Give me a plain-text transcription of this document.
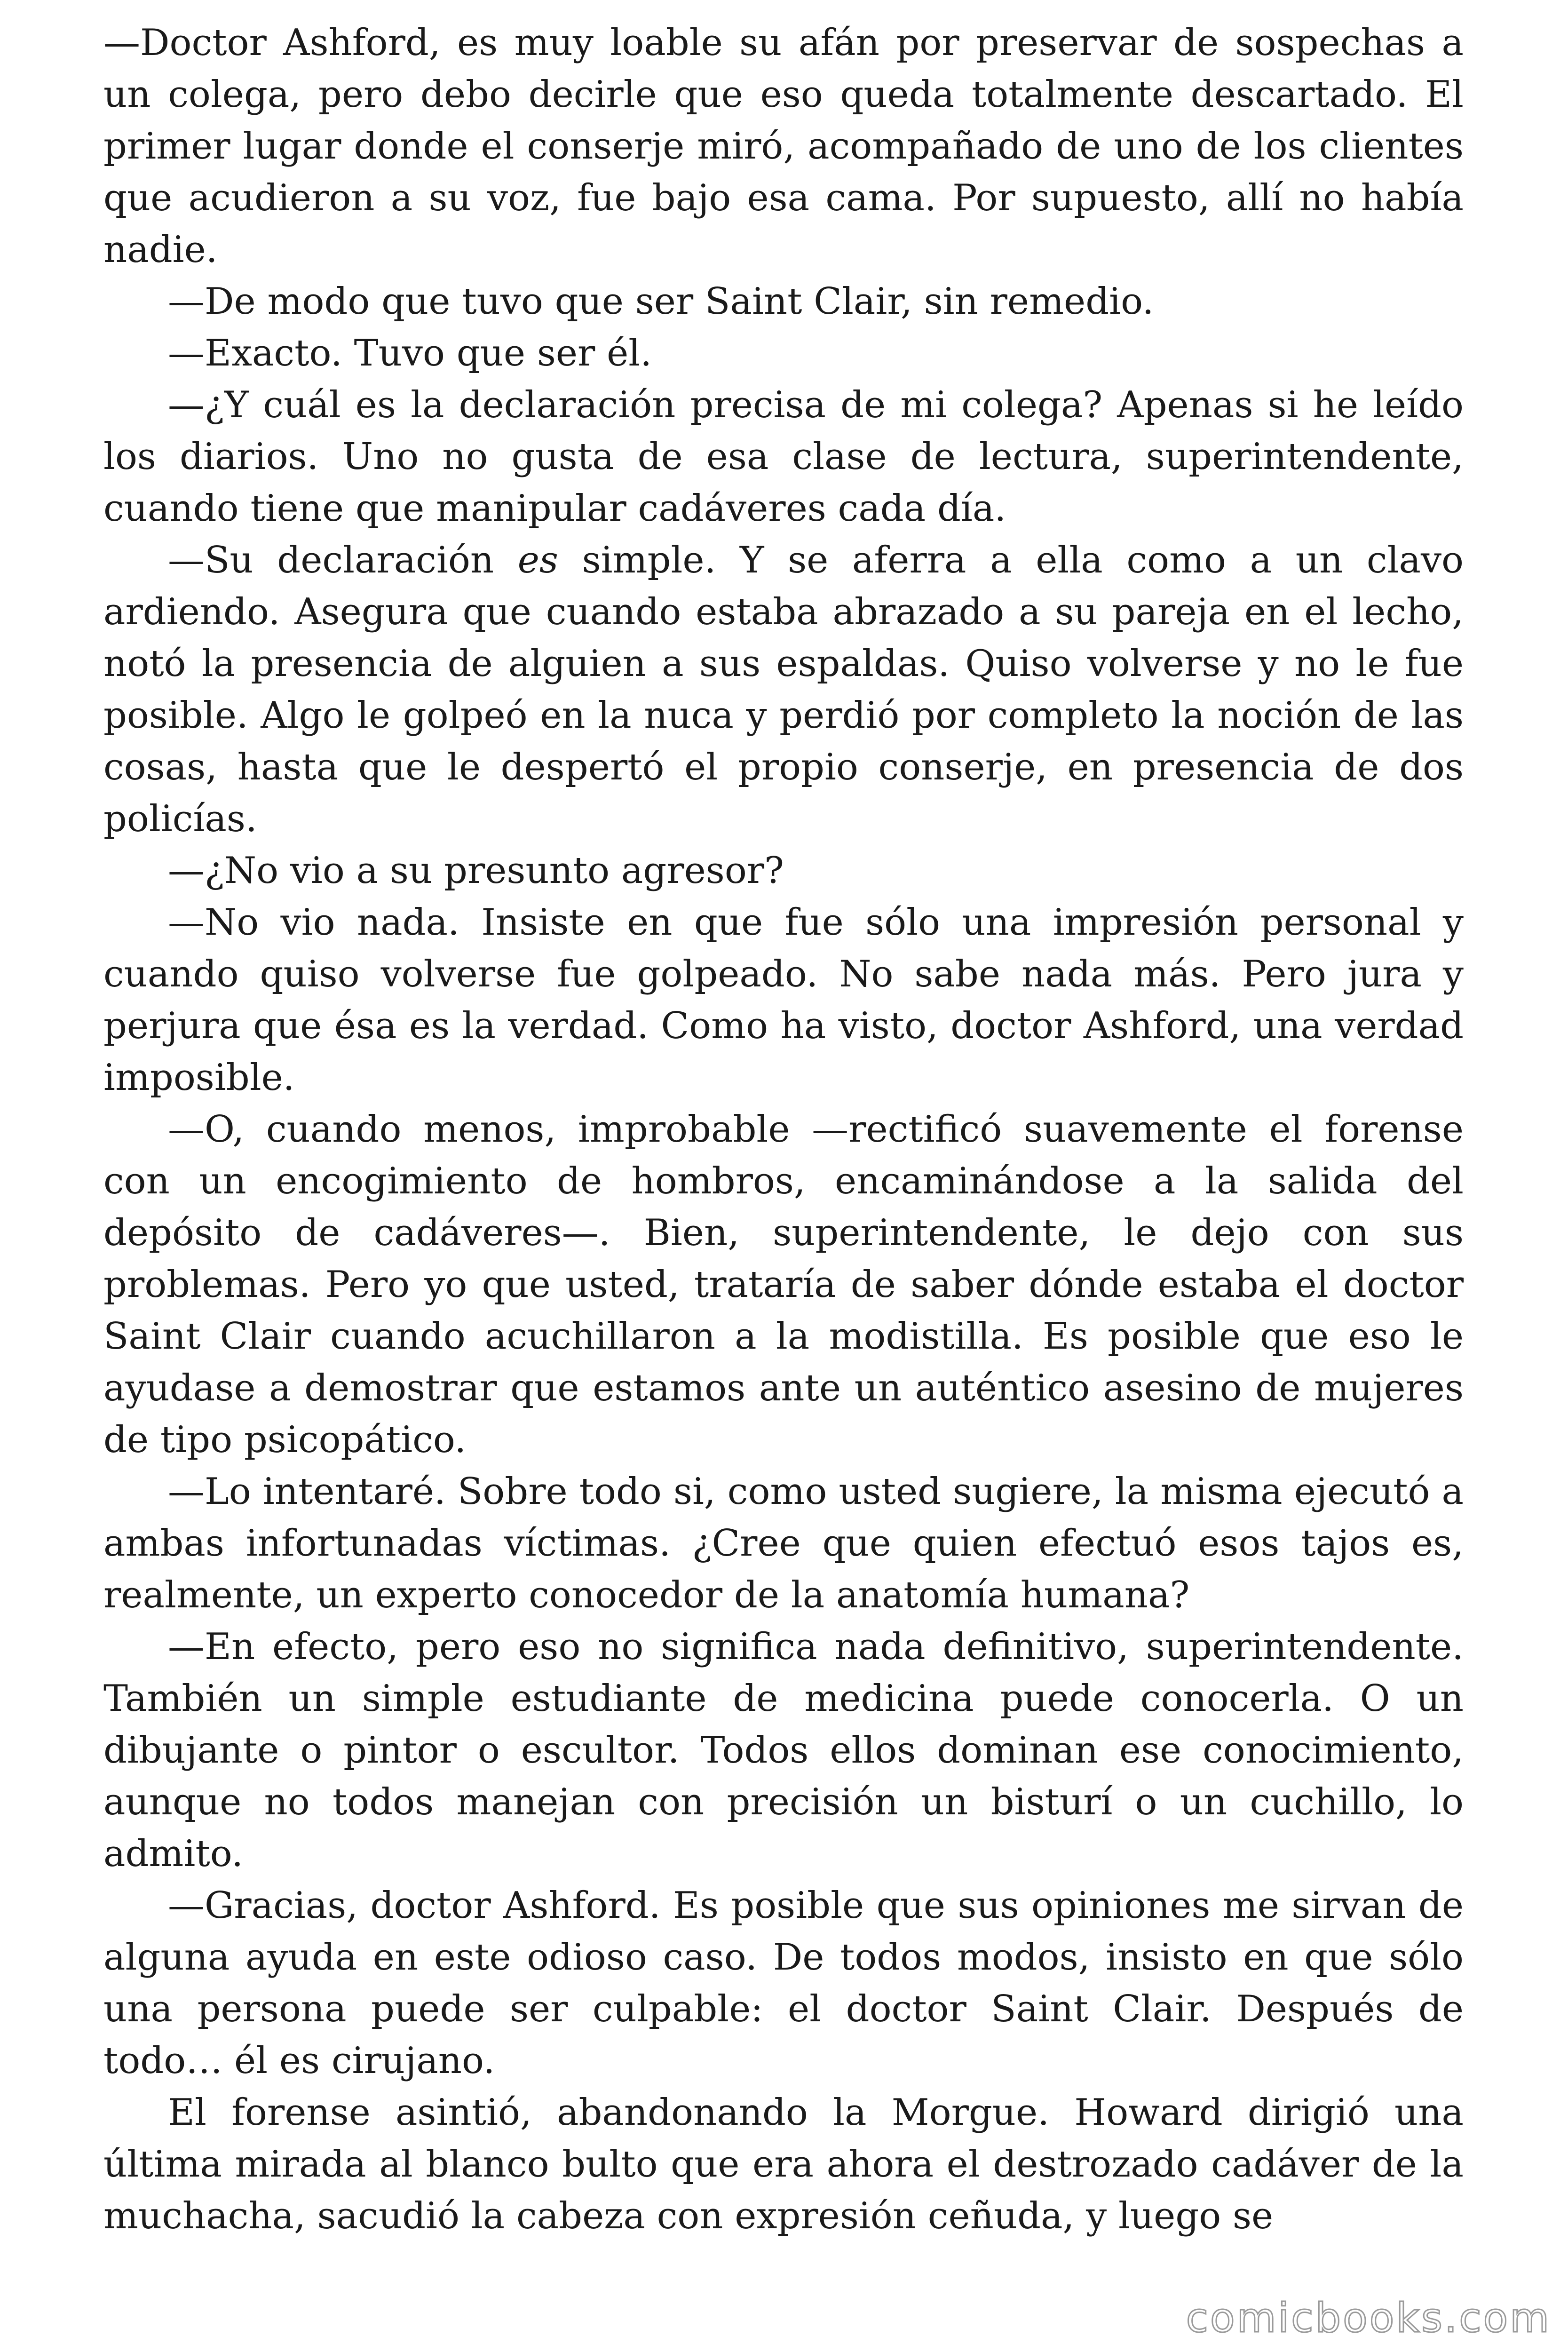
—Doctor Ashford, es muy loable su afán por preservar de sospechas a un colega, pero debo decirle que eso queda totalmente descartado. El primer lugar donde el conserje miró, acompañado de uno de los clientes que acudieron a su voz, fue bajo esa cama. Por supuesto, allí no había nadie.

—De modo que tuvo que ser Saint Clair, sin remedio.

—Exacto. Tuvo que ser él.

—¿Y cuál es la declaración precisa de mi colega? Apenas si he leído los diarios. Uno no gusta de esa clase de lectura, superintendente, cuando tiene que manipular cadáveres cada día.

—Su declaración es simple. Y se aferra a ella como a un clavo ardiendo. Asegura que cuando estaba abrazado a su pareja en el lecho, notó la presencia de alguien a sus espaldas. Quiso volverse y no le fue posible. Algo le golpeó en la nuca y perdió por completo la noción de las cosas, hasta que le despertó el propio conserje, en presencia de dos policías.

—¿No vio a su presunto agresor?

—No vio nada. Insiste en que fue sólo una impresión personal y cuando quiso volverse fue golpeado. No sabe nada más. Pero jura y perjura que ésa es la verdad. Como ha visto, doctor Ashford, una verdad imposible.

—O, cuando menos, improbable —rectificó suavemente el forense con un encogimiento de hombros, encaminándose a la salida del depósito de cadáveres—. Bien, superintendente, le dejo con sus problemas. Pero yo que usted, trataría de saber dónde estaba el doctor Saint Clair cuando acuchillaron a la modistilla. Es posible que eso le ayudase a demostrar que estamos ante un auténtico asesino de mujeres de tipo psicopático.

—Lo intentaré. Sobre todo si, como usted sugiere, la misma ejecutó a ambas infortunadas víctimas. ¿Cree que quien efectuó esos tajos es, realmente, un experto conocedor de la anatomía humana?

—En efecto, pero eso no significa nada definitivo, superintendente. También un simple estudiante de medicina puede conocerla. O un dibujante o pintor o escultor. Todos ellos dominan ese conocimiento, aunque no todos manejan con precisión un bisturí o un cuchillo, lo admito.

—Gracias, doctor Ashford. Es posible que sus opiniones me sirvan de alguna ayuda en este odioso caso. De todos modos, insisto en que sólo una persona puede ser culpable: el doctor Saint Clair. Después de todo… él es cirujano.

El forense asintió, abandonando la Morgue. Howard dirigió una última mirada al blanco bulto que era ahora el destrozado cadáver de la muchacha, sacudió la cabeza con expresión ceñuda, y luego se

comicbooks.com
